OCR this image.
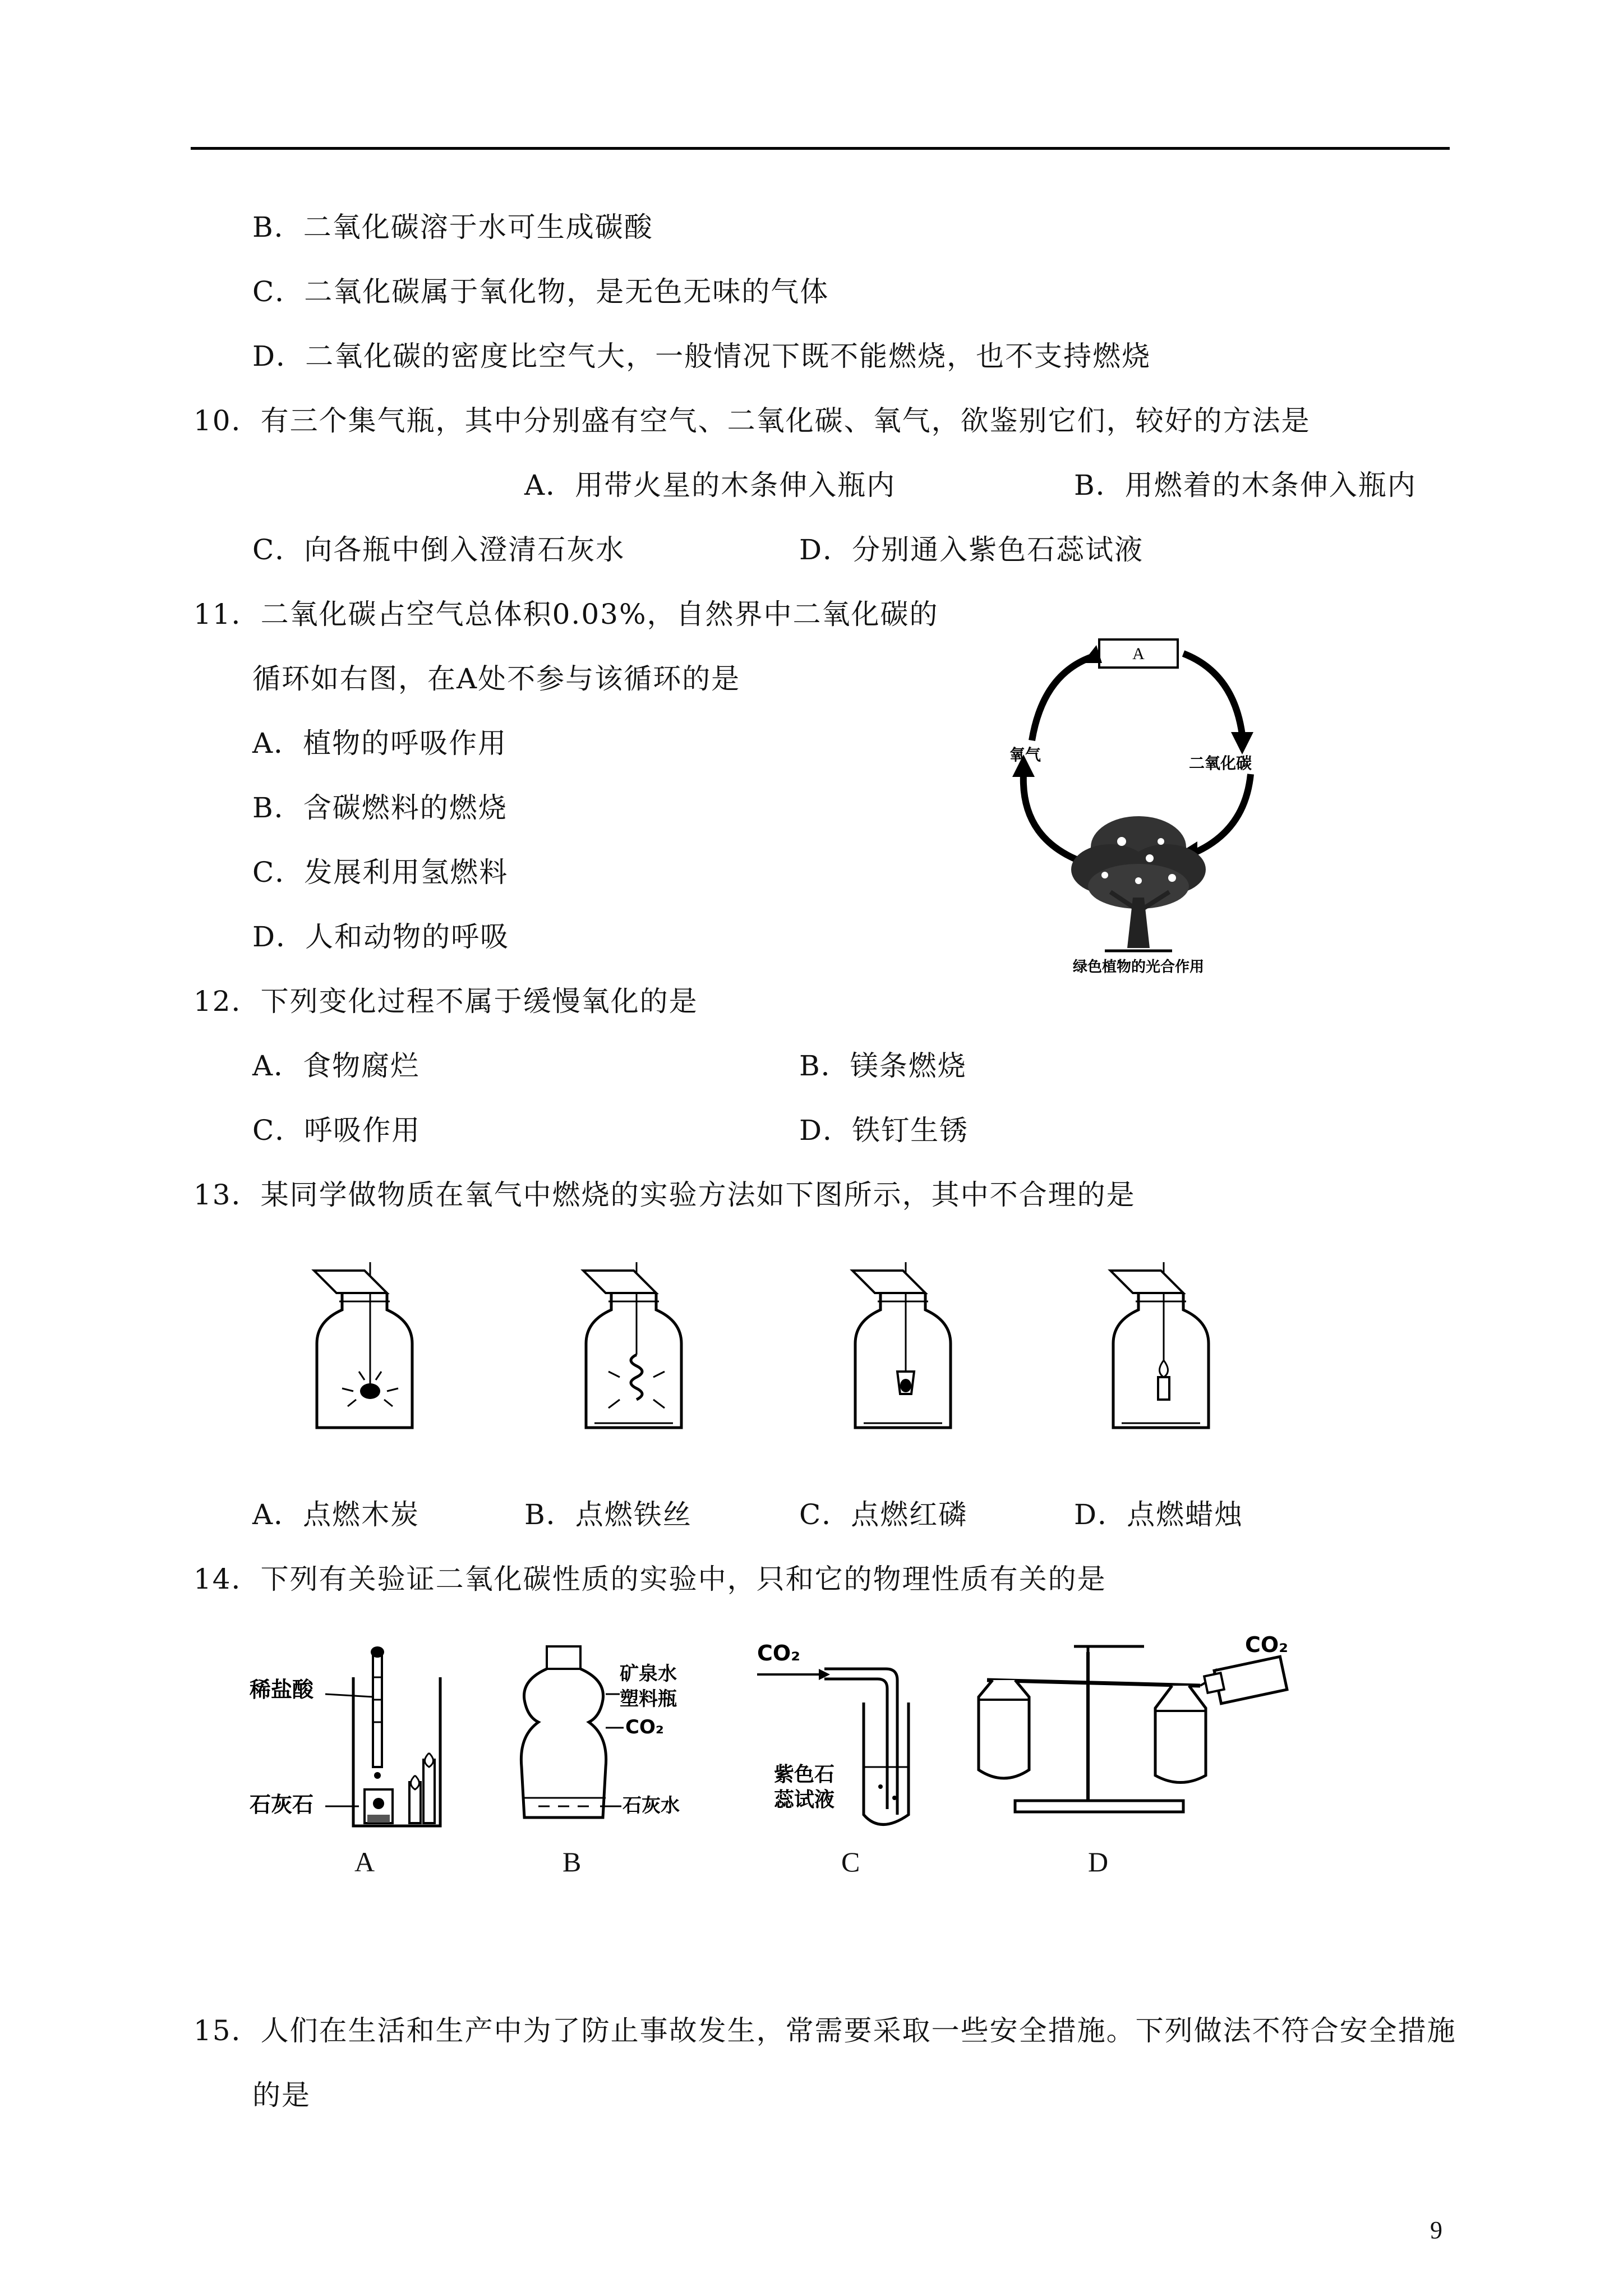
B．二氧化碳溶于水可生成碳酸
C．二氧化碳属于氧化物，是无色无味的气体
D．二氧化碳的密度比空气大，一般情况下既不能燃烧，也不支持燃烧
10．有三个集气瓶，其中分别盛有空气、二氧化碳、氧气，欲鉴别它们，较好的方法是
A．用带火星的木条伸入瓶内	B．用燃着的木条伸入瓶内
C．向各瓶中倒入澄清石灰水	D．分别通入紫色石蕊试液
11．二氧化碳占空气总体积0.03%，自然界中二氧化碳的
循环如右图，在A处不参与该循环的是
A．植物的呼吸作用
B．含碳燃料的燃烧
C．发展利用氢燃料
D．人和动物的呼吸
A
氧气	二氧化碳
绿色植物的光合作用
12．下列变化过程不属于缓慢氧化的是
A．食物腐烂	B．镁条燃烧
C．呼吸作用	D．铁钉生锈
13．某同学做物质在氧气中燃烧的实验方法如下图所示，其中不合理的是
A．点燃木炭	B．点燃铁丝	C．点燃红磷	D．点燃蜡烛
14．下列有关验证二氧化碳性质的实验中，只和它的物理性质有关的是
稀盐酸
石灰石
A
矿泉水
塑料瓶
CO₂
石灰水
B
CO₂
紫色石
蕊试液
C
CO₂
D
15．人们在生活和生产中为了防止事故发生，常需要采取一些安全措施。下列做法不符合安全措施
的是
9
